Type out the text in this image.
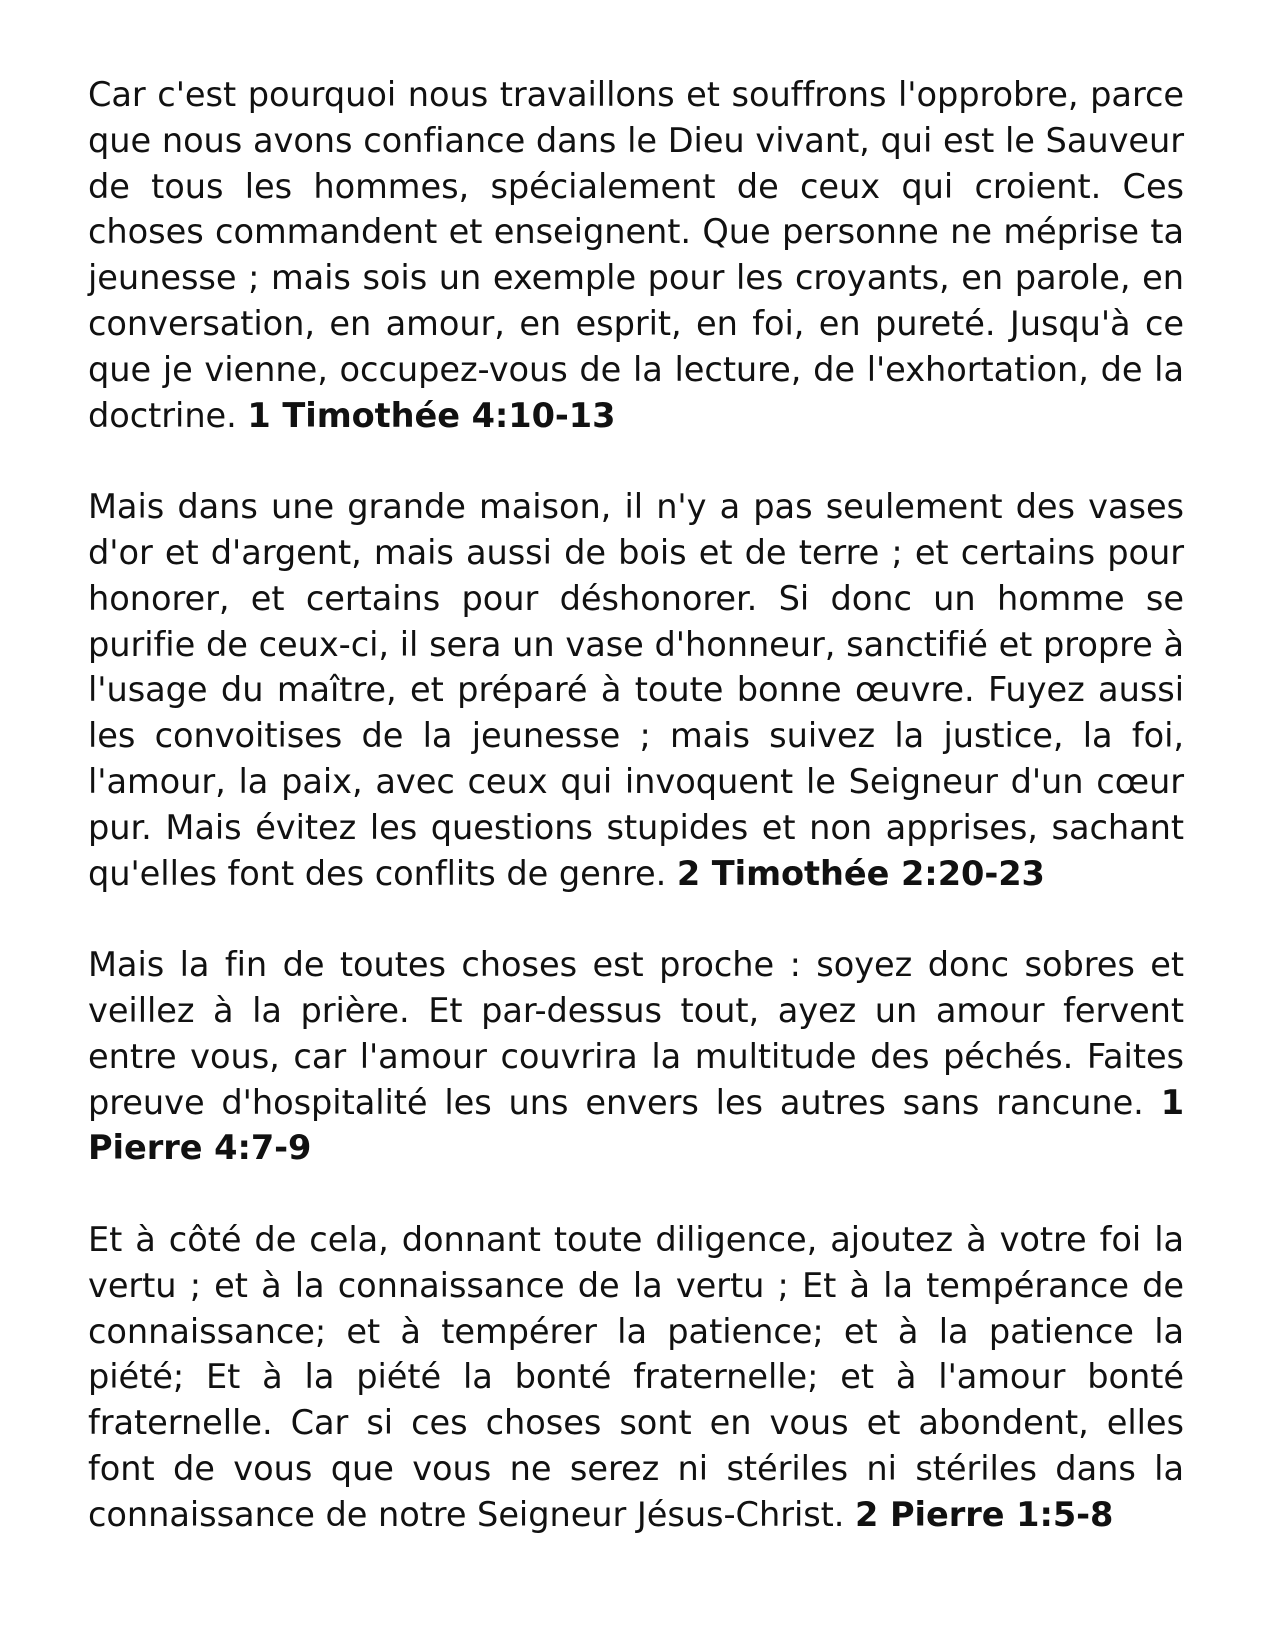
Car c'est pourquoi nous travaillons et souffrons l'opprobre, parce que nous avons confiance dans le Dieu vivant, qui est le Sauveur de tous les hommes, spécialement de ceux qui croient. Ces choses commandent et enseignent. Que personne ne méprise ta jeunesse ; mais sois un exemple pour les croyants, en parole, en conversation, en amour, en esprit, en foi, en pureté. Jusqu'à ce que je vienne, occupez-vous de la lecture, de l'exhortation, de la doctrine. 1 Timothée 4:10-13

Mais dans une grande maison, il n'y a pas seulement des vases d'or et d'argent, mais aussi de bois et de terre ; et certains pour honorer, et certains pour déshonorer. Si donc un homme se purifie de ceux-ci, il sera un vase d'honneur, sanctifié et propre à l'usage du maître, et préparé à toute bonne œuvre. Fuyez aussi les convoitises de la jeunesse ; mais suivez la justice, la foi, l'amour, la paix, avec ceux qui invoquent le Seigneur d'un cœur pur. Mais évitez les questions stupides et non apprises, sachant qu'elles font des conflits de genre. 2 Timothée 2:20-23

Mais la fin de toutes choses est proche : soyez donc sobres et veillez à la prière. Et par-dessus tout, ayez un amour fervent entre vous, car l'amour couvrira la multitude des péchés. Faites preuve d'hospitalité les uns envers les autres sans rancune. 1 Pierre 4:7-9

Et à côté de cela, donnant toute diligence, ajoutez à votre foi la vertu ; et à la connaissance de la vertu ; Et à la tempérance de connaissance; et à tempérer la patience; et à la patience la piété; Et à la piété la bonté fraternelle; et à l'amour bonté fraternelle. Car si ces choses sont en vous et abondent, elles font de vous que vous ne serez ni stériles ni stériles dans la connaissance de notre Seigneur Jésus-Christ. 2 Pierre 1:5-8
